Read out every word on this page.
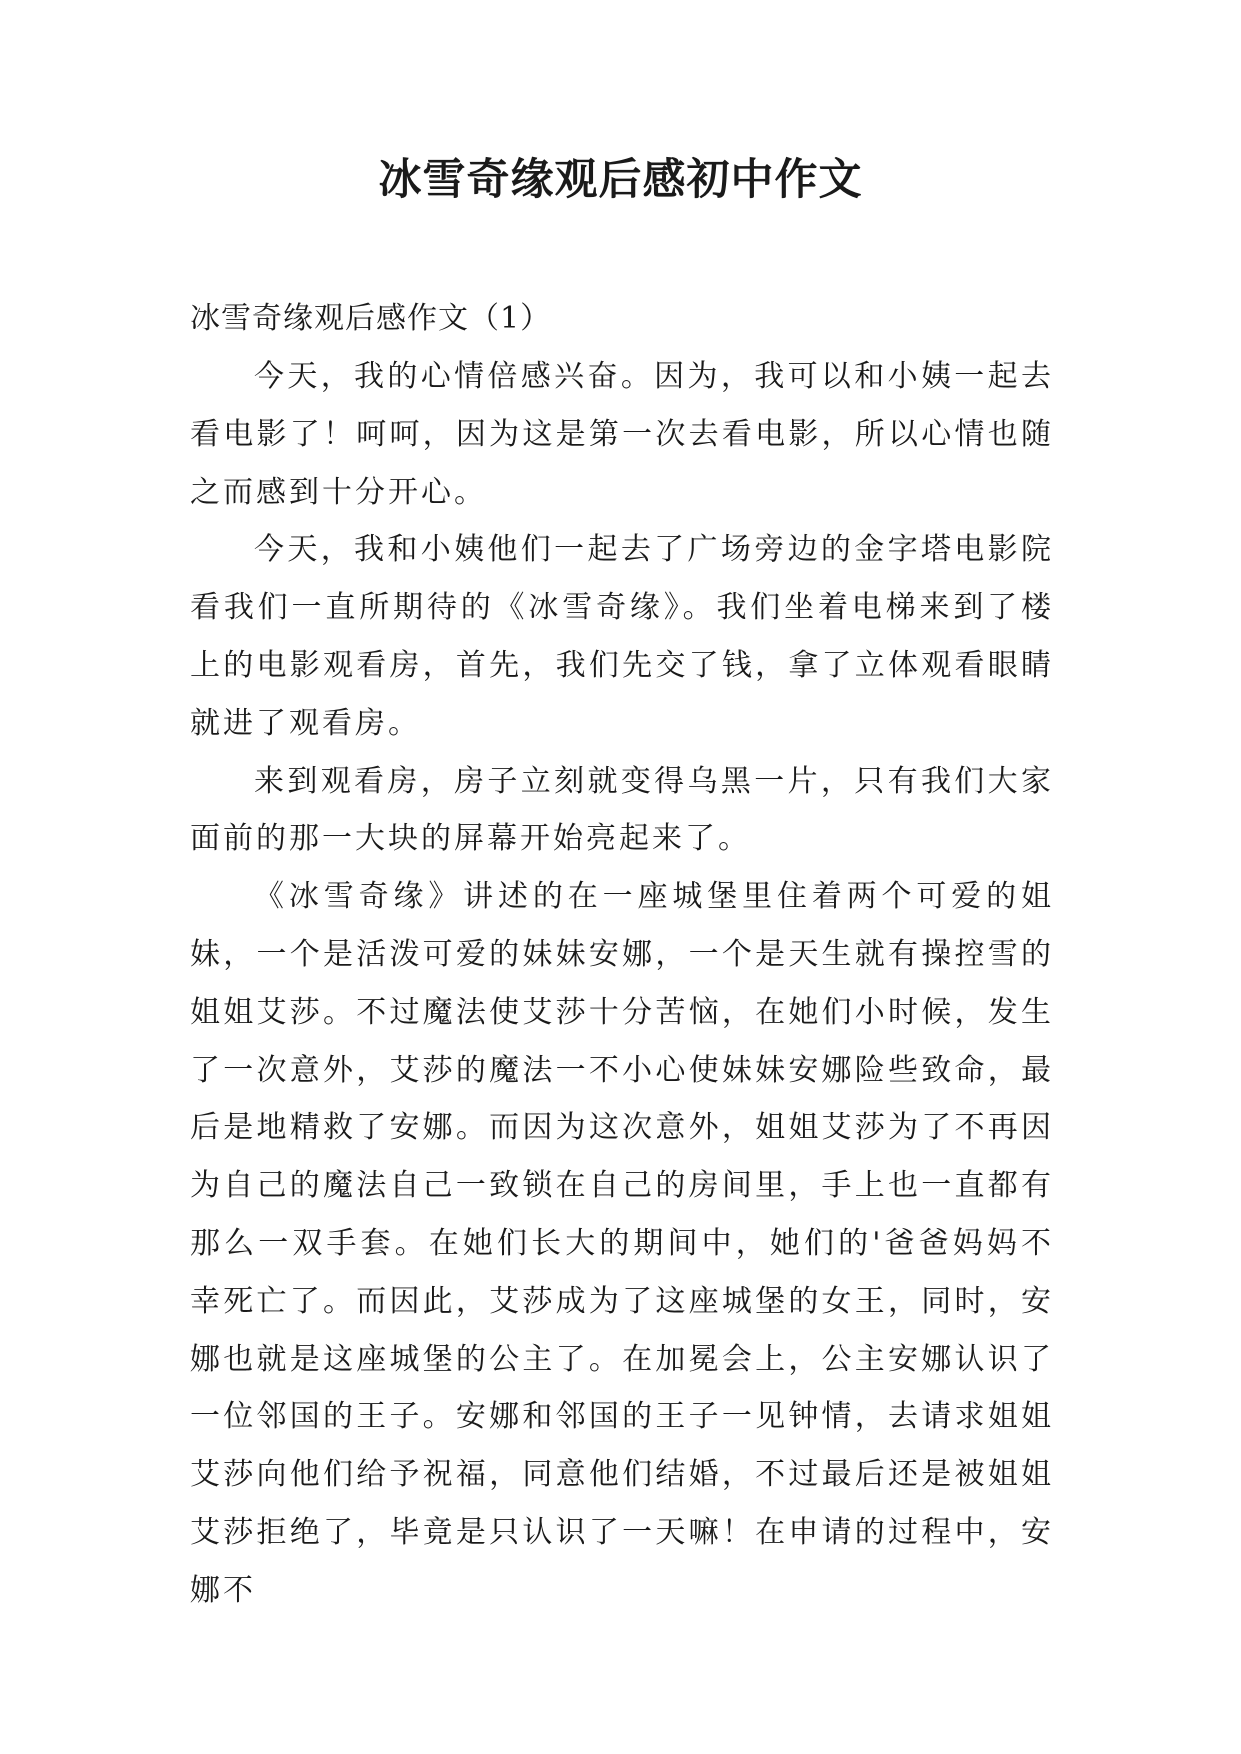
冰雪奇缘观后感初中作文

冰雪奇缘观后感作文（1）

今天，我的心情倍感兴奋。因为，我可以和小姨一起去看电影了！呵呵，因为这是第一次去看电影，所以心情也随之而感到十分开心。

今天，我和小姨他们一起去了广场旁边的金字塔电影院看我们一直所期待的《冰雪奇缘》。我们坐着电梯来到了楼上的电影观看房，首先，我们先交了钱，拿了立体观看眼睛就进了观看房。

来到观看房，房子立刻就变得乌黑一片，只有我们大家面前的那一大块的屏幕开始亮起来了。

《冰雪奇缘》讲述的在一座城堡里住着两个可爱的姐妹，一个是活泼可爱的妹妹安娜，一个是天生就有操控雪的姐姐艾莎。不过魔法使艾莎十分苦恼，在她们小时候，发生了一次意外，艾莎的魔法一不小心使妹妹安娜险些致命，最后是地精救了安娜。而因为这次意外，姐姐艾莎为了不再因为自己的魔法自己一致锁在自己的房间里，手上也一直都有那么一双手套。在她们长大的期间中，她们的'爸爸妈妈不幸死亡了。而因此，艾莎成为了这座城堡的女王，同时，安娜也就是这座城堡的公主了。在加冕会上，公主安娜认识了一位邻国的王子。安娜和邻国的王子一见钟情，去请求姐姐艾莎向他们给予祝福，同意他们结婚，不过最后还是被姐姐艾莎拒绝了，毕竟是只认识了一天嘛！在申请的过程中，安娜不
